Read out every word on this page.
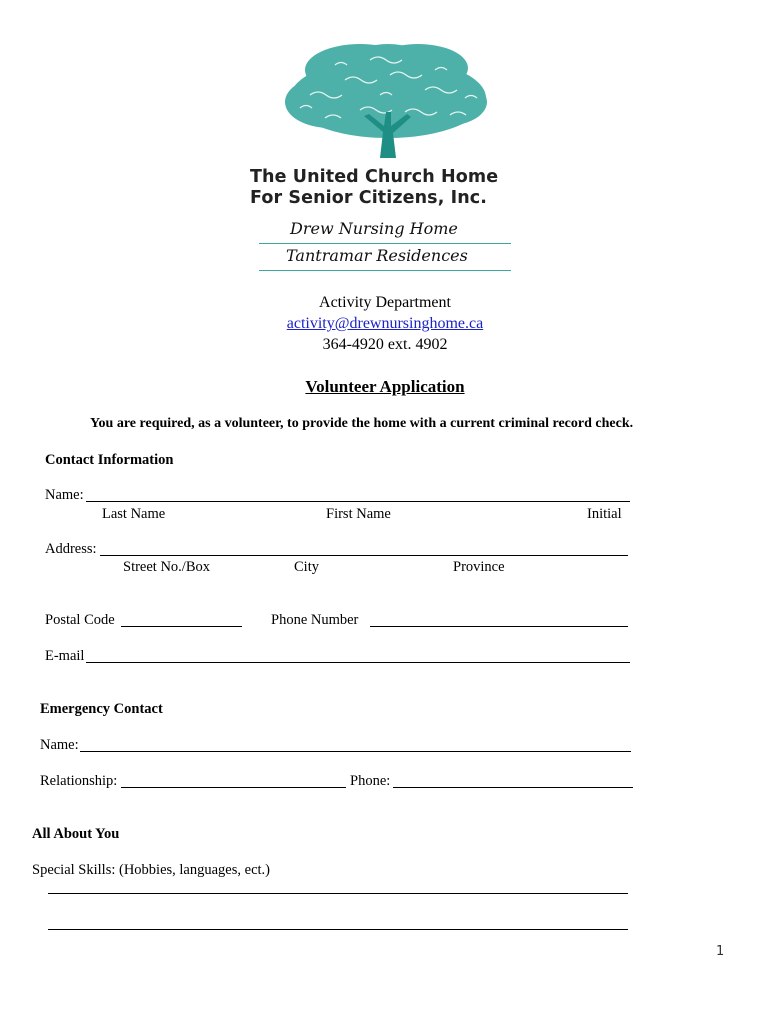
The United Church Home
For Senior Citizens, Inc.
Drew Nursing Home
Tantramar Residences
Activity Department
activity@drewnursinghome.ca
364-4920 ext. 4902
Volunteer Application
You are required, as a volunteer, to provide the home with a current criminal record check.
Contact Information
Name:
Last Name	First Name	Initial
Address:
Street No./Box	City	Province
Postal Code	Phone Number
E-mail
Emergency Contact
Name:
Relationship:	Phone:
All About You
Special Skills: (Hobbies, languages, ect.)
1
